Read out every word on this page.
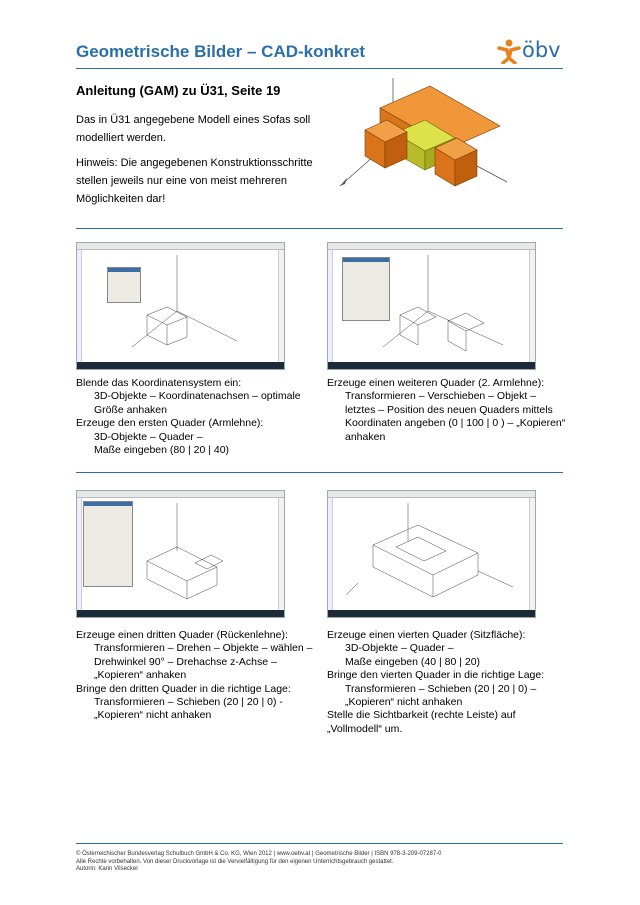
Geometrische Bilder – CAD-konkret	öbv
Anleitung (GAM) zu Ü31, Seite 19
Das in Ü31 angegebene Modell eines Sofas soll modelliert werden.
Hinweis: Die angegebenen Konstruktionsschritte stellen jeweils nur eine von meist mehreren Möglichkeiten dar!
Blende das Koordinatensystem ein:
3D-Objekte – Koordinatenachsen – optimale Größe anhaken
Erzeuge den ersten Quader (Armlehne):
3D-Objekte – Quader –
Maße eingeben (80 | 20 | 40)
Erzeuge einen weiteren Quader (2. Armlehne):
Transformieren – Verschieben – Objekt – letztes – Position des neuen Quaders mittels Koordinaten angeben (0 | 100 | 0 ) – „Kopieren“ anhaken
Erzeuge einen dritten Quader (Rückenlehne):
Transformieren – Drehen – Objekte – wählen – Drehwinkel 90° – Drehachse z-Achse – „Kopieren“ anhaken
Bringe den dritten Quader in die richtige Lage:
Transformieren – Schieben (20 | 20 | 0) - „Kopieren“ nicht anhaken
Erzeuge einen vierten Quader (Sitzfläche):
3D-Objekte – Quader –
Maße eingeben (40 | 80 | 20)
Bringe den vierten Quader in die richtige Lage:
Transformieren – Schieben (20 | 20 | 0) – „Kopieren“ nicht anhaken
Stelle die Sichtbarkeit (rechte Leiste) auf „Vollmodell“ um.
© Österreichischer Bundesverlag Schulbuch GmbH & Co. KG, Wien 2012 | www.oebv.at | Geometrische Bilder | ISBN 978-3-209-07287-0
Alle Rechte vorbehalten. Von dieser Druckvorlage ist die Vervielfältigung für den eigenen Unterrichtsgebrauch gestattet.
Autorin: Karin Vilsecker
